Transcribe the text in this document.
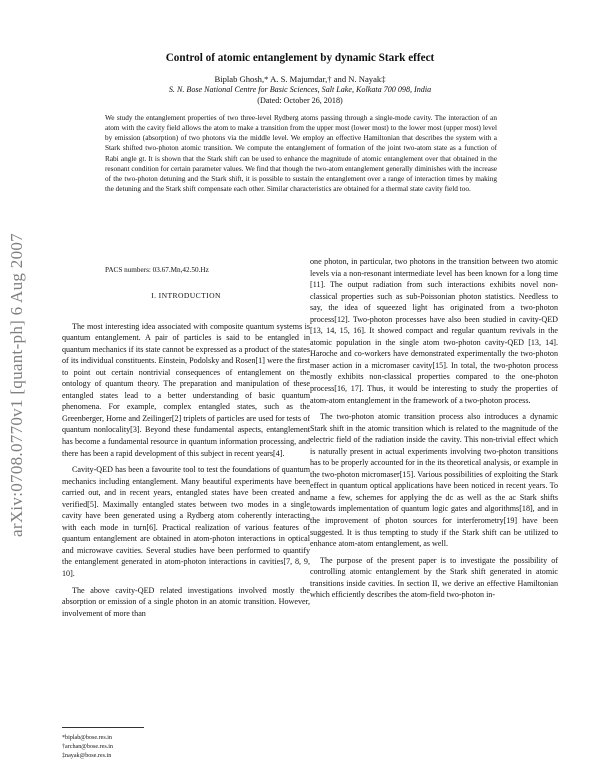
arXiv:0708.0770v1 [quant-ph] 6 Aug 2007
Control of atomic entanglement by dynamic Stark effect
Biplab Ghosh,* A. S. Majumdar,† and N. Nayak‡
S. N. Bose National Centre for Basic Sciences, Salt Lake, Kolkata 700 098, India
(Dated: October 26, 2018)
We study the entanglement properties of two three-level Rydberg atoms passing through a single-mode cavity. The interaction of an atom with the cavity field allows the atom to make a transition from the upper most (lower most) to the lower most (upper most) level by emission (absorption) of two photons via the middle level. We employ an effective Hamiltonian that describes the system with a Stark shifted two-photon atomic transition. We compute the entanglement of formation of the joint two-atom state as a function of Rabi angle gt. It is shown that the Stark shift can be used to enhance the magnitude of atomic entanglement over that obtained in the resonant condition for certain parameter values. We find that though the two-atom entanglement generally diminishes with the increase of the two-photon detuning and the Stark shift, it is possible to sustain the entanglement over a range of interaction times by making the detuning and the Stark shift compensate each other. Similar characteristics are obtained for a thermal state cavity field too.
PACS numbers: 03.67.Mn,42.50.Hz
I. INTRODUCTION

The most interesting idea associated with composite quantum systems is quantum entanglement. A pair of particles is said to be entangled in quantum mechanics if its state cannot be expressed as a product of the states of its individual constituents. Einstein, Podolsky and Rosen[1] were the first to point out certain nontrivial consequences of entanglement on the ontology of quantum theory. The preparation and manipulation of these entangled states lead to a better understanding of basic quantum phenomena. For example, complex entangled states, such as the Greenberger, Horne and Zeilinger[2] triplets of particles are used for tests of quantum nonlocality[3]. Beyond these fundamental aspects, entanglement has become a fundamental resource in quantum information processing, and there has been a rapid development of this subject in recent years[4].

Cavity-QED has been a favourite tool to test the foundations of quantum mechanics including entanglement. Many beautiful experiments have been carried out, and in recent years, entangled states have been created and verified[5]. Maximally entangled states between two modes in a single cavity have been generated using a Rydberg atom coherently interacting with each mode in turn[6]. Practical realization of various features of quantum entanglement are obtained in atom-photon interactions in optical and microwave cavities. Several studies have been performed to quantify the entanglement generated in atom-photon interactions in cavities[7, 8, 9, 10].

The above cavity-QED related investigations involved mostly the absorption or emission of a single photon in an atomic transition. However, involvement of more than

one photon, in particular, two photons in the transition between two atomic levels via a non-resonant intermediate level has been known for a long time [11]. The output radiation from such interactions exhibits novel non-classical properties such as sub-Poissonian photon statistics. Needless to say, the idea of squeezed light has originated from a two-photon process[12]. Two-photon processes have also been studied in cavity-QED [13, 14, 15, 16]. It showed compact and regular quantum revivals in the atomic population in the single atom two-photon cavity-QED [13, 14]. Haroche and co-workers have demonstrated experimentally the two-photon maser action in a micromaser cavity[15]. In total, the two-photon process mostly exhibits non-classical properties compared to the one-photon process[16, 17]. Thus, it would be interesting to study the properties of atom-atom entanglement in the framework of a two-photon process.

The two-photon atomic transition process also introduces a dynamic Stark shift in the atomic transition which is related to the magnitude of the electric field of the radiation inside the cavity. This non-trivial effect which is naturally present in actual experiments involving two-photon transitions has to be properly accounted for in the its theoretical analysis, or example in the two-photon micromaser[15]. Various possibilities of exploiting the Stark effect in quantum optical applications have been noticed in recent years. To name a few, schemes for applying the dc as well as the ac Stark shifts towards implementation of quantum logic gates and algorithms[18], and in the improvement of photon sources for interferometry[19] have been suggested. It is thus tempting to study if the Stark shift can be utilized to enhance atom-atom entanglement, as well.

The purpose of the present paper is to investigate the possibility of controlling atomic entanglement by the Stark shift generated in atomic transitions inside cavities. In section II, we derive an effective Hamiltonian which efficiently describes the atom-field two-photon in-

*biplab@bose.res.in
†archan@bose.res.in
‡nayak@bose.res.in
